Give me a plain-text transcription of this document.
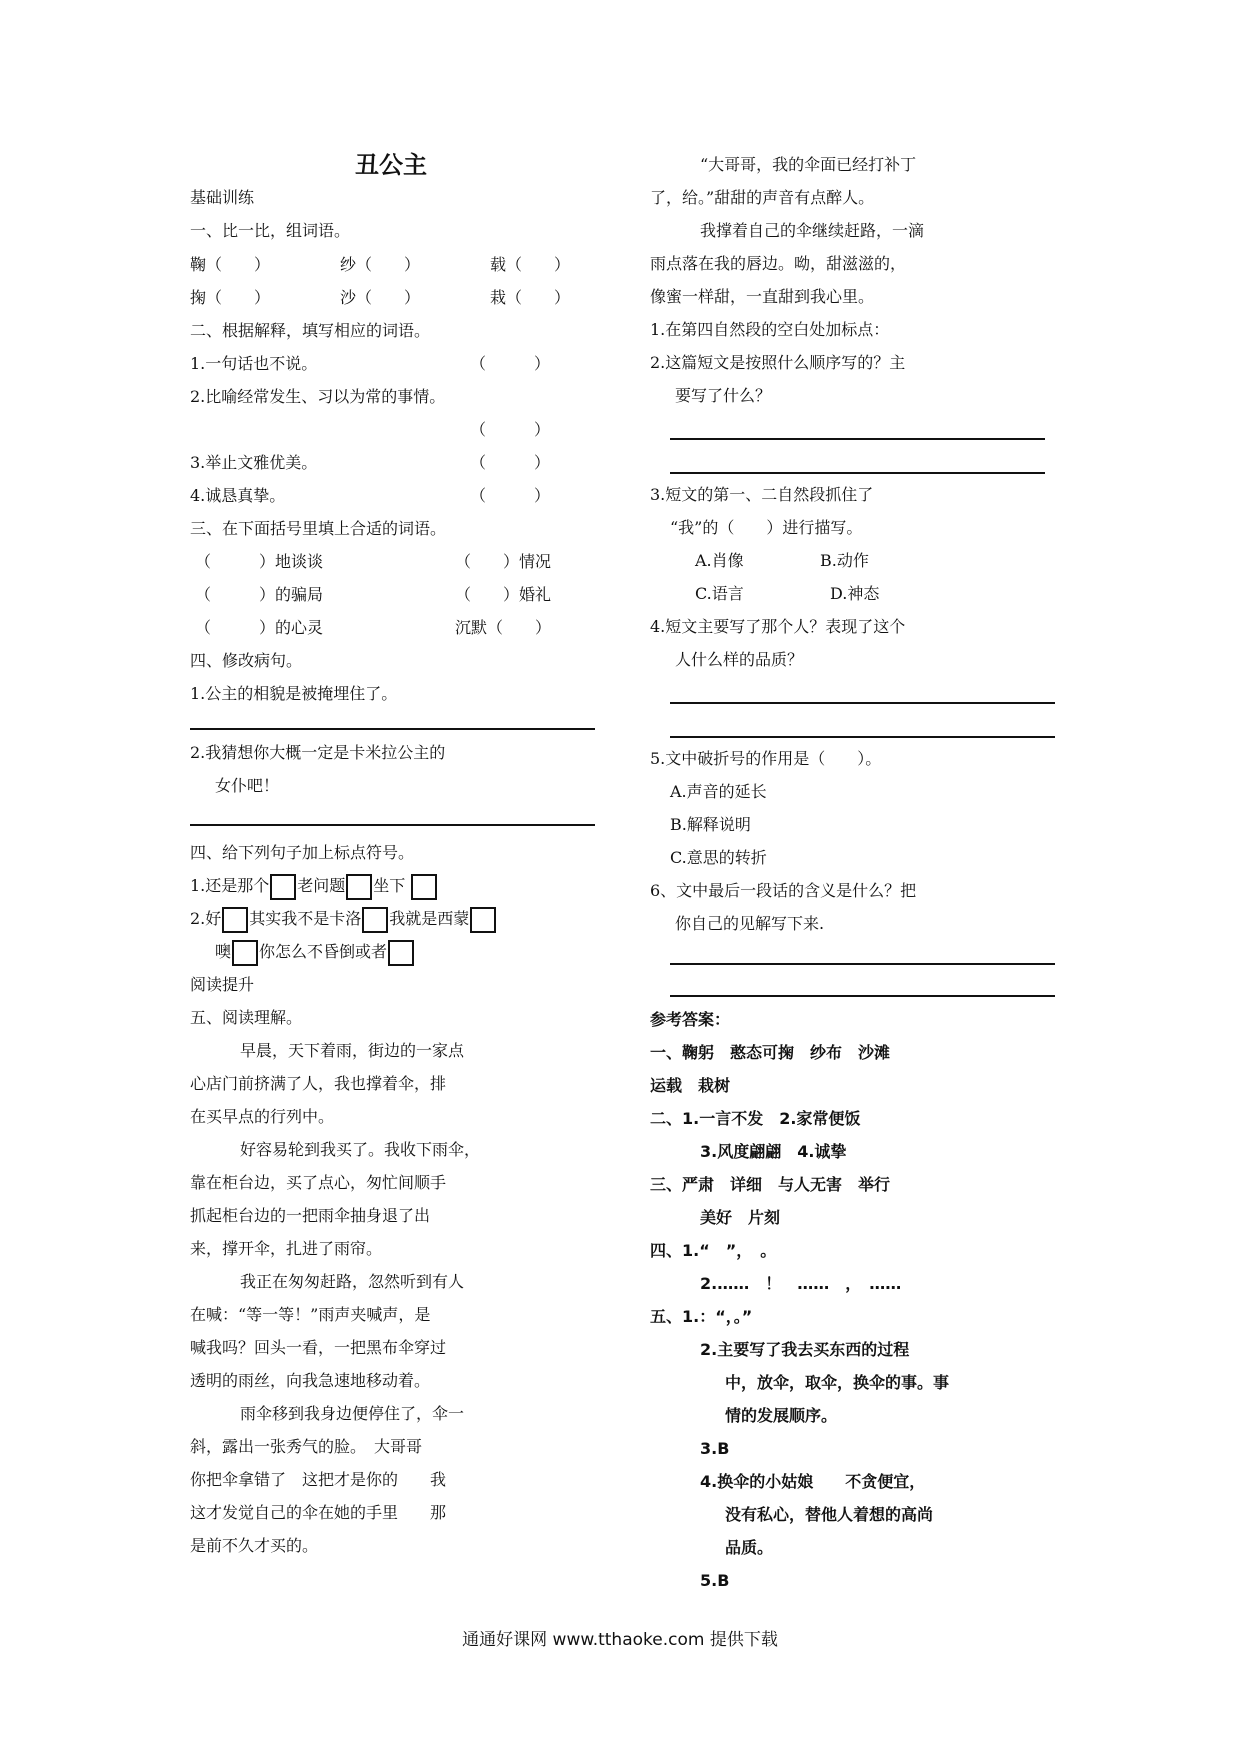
丑公主
基础训练
一、比一比，组词语。
鞠（　　）	纱（　　）	载（　　）
掬（　　）	沙（　　）	栽（　　）
二、根据解释，填写相应的词语。
1.一句话也不说。	（　　　）
2.比喻经常发生、习以为常的事情。
（　　　）
3.举止文雅优美。	（　　　）
4.诚恳真挚。	（　　　）
三、在下面括号里填上合适的词语。
（　　　）地谈谈	（　　）情况
（　　　）的骗局	（　　）婚礼
（　　　）的心灵	沉默（　　）
四、修改病句。
1.公主的相貌是被掩埋住了。
2.我猜想你大概一定是卡米拉公主的
女仆吧！
四、给下列句子加上标点符号。
1.还是那个 老问题 坐下
2.好 其实我不是卡洛 我就是西蒙
噢 你怎么不昏倒或者
阅读提升
五、阅读理解。
早晨，天下着雨，街边的一家点
心店门前挤满了人，我也撑着伞，排
在买早点的行列中。
好容易轮到我买了。我收下雨伞，
靠在柜台边，买了点心，匆忙间顺手
抓起柜台边的一把雨伞抽身退了出
来，撑开伞，扎进了雨帘。
我正在匆匆赶路，忽然听到有人
在喊：“等一等！”雨声夹喊声，是
喊我吗？回头一看，一把黑布伞穿过
透明的雨丝，向我急速地移动着。
雨伞移到我身边便停住了，伞一
斜，露出一张秀气的脸。　大哥哥
你把伞拿错了　这把才是你的　　我
这才发觉自己的伞在她的手里　　那
是前不久才买的。
“大哥哥，我的伞面已经打补丁
了，给。”甜甜的声音有点醉人。
我撑着自己的伞继续赶路，一滴
雨点落在我的唇边。呦，甜滋滋的，
像蜜一样甜，一直甜到我心里。
1.在第四自然段的空白处加标点：
2.这篇短文是按照什么顺序写的？主
要写了什么？
3.短文的第一、二自然段抓住了
“我”的（　　）进行描写。
A.肖像	B.动作
C.语言	D.神态
4.短文主要写了那个人？表现了这个
人什么样的品质？
5.文中破折号的作用是（　　）。
A.声音的延长
B.解释说明
C.意思的转折
6、文中最后一段话的含义是什么？把
你自己的见解写下来.
参考答案：
一、鞠躬　憨态可掬　纱布　沙滩
运载　栽树
二、1.一言不发　2.家常便饭
3.风度翩翩　4.诚挚
三、严肃　详细　与人无害　举行
美好　片刻
四、1.“　”，　。
2.……　！　……　，　……
五、1.：“，。”
2.主要写了我去买东西的过程
中，放伞，取伞，换伞的事。事
情的发展顺序。
3.B
4.换伞的小姑娘　　不贪便宜，
没有私心，替他人着想的高尚
品质。
5.B
通通好课网 www.tthaoke.com 提供下载
